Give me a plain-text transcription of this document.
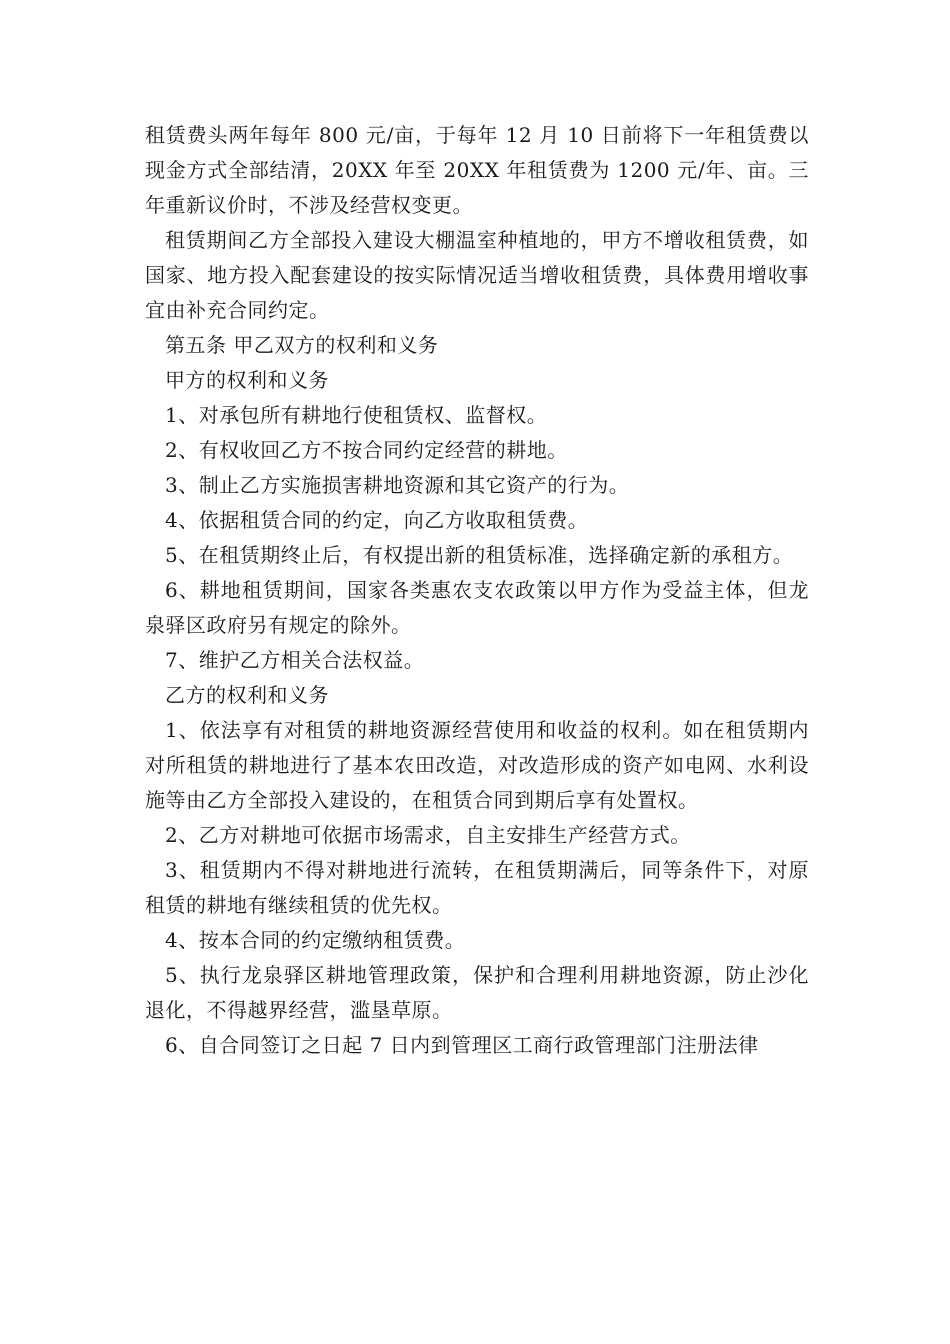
租赁费头两年每年 800 元/亩，于每年 12 月 10 日前将下一年租赁费以现金方式全部结清，20XX 年至 20XX 年租赁费为 1200 元/年、亩。三年重新议价时，不涉及经营权变更。

租赁期间乙方全部投入建设大棚温室种植地的，甲方不增收租赁费，如国家、地方投入配套建设的按实际情况适当增收租赁费，具体费用增收事宜由补充合同约定。

第五条 甲乙双方的权利和义务

甲方的权利和义务

1、对承包所有耕地行使租赁权、监督权。

2、有权收回乙方不按合同约定经营的耕地。

3、制止乙方实施损害耕地资源和其它资产的行为。

4、依据租赁合同的约定，向乙方收取租赁费。

5、在租赁期终止后，有权提出新的租赁标准，选择确定新的承租方。

6、耕地租赁期间，国家各类惠农支农政策以甲方作为受益主体，但龙泉驿区政府另有规定的除外。

7、维护乙方相关合法权益。

乙方的权利和义务

1、依法享有对租赁的耕地资源经营使用和收益的权利。如在租赁期内对所租赁的耕地进行了基本农田改造，对改造形成的资产如电网、水利设施等由乙方全部投入建设的，在租赁合同到期后享有处置权。

2、乙方对耕地可依据市场需求，自主安排生产经营方式。

3、租赁期内不得对耕地进行流转，在租赁期满后，同等条件下，对原租赁的耕地有继续租赁的优先权。

4、按本合同的约定缴纳租赁费。

5、执行龙泉驿区耕地管理政策，保护和合理利用耕地资源，防止沙化退化，不得越界经营，滥垦草原。

6、自合同签订之日起 7 日内到管理区工商行政管理部门注册法律
